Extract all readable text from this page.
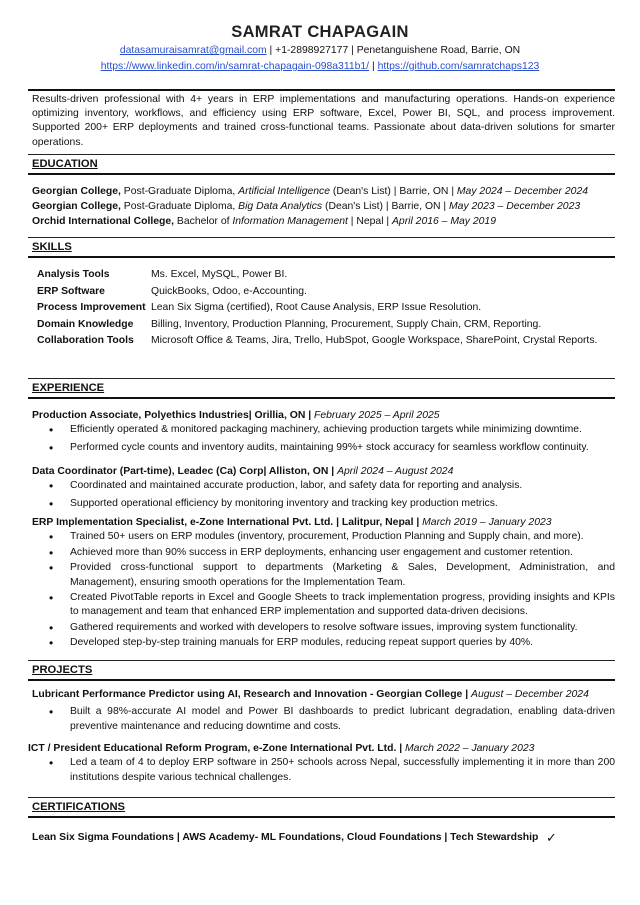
SAMRAT CHAPAGAIN
datasamuraisamrat@gmail.com | +1-2898927177 | Penetanguishene Road, Barrie, ON
https://www.linkedin.com/in/samrat-chapagain-098a311b1/ | https://github.com/samratchaps123
Results-driven professional with 4+ years in ERP implementations and manufacturing operations. Hands-on experience optimizing inventory, workflows, and efficiency using ERP software, Excel, Power BI, SQL, and process improvement. Supported 200+ ERP deployments and trained cross-functional teams. Passionate about data-driven solutions for smarter operations.
EDUCATION
Georgian College, Post-Graduate Diploma, Artificial Intelligence (Dean's List) | Barrie, ON | May 2024 – December 2024
Georgian College, Post-Graduate Diploma, Big Data Analytics (Dean's List) | Barrie, ON | May 2023 – December 2023
Orchid International College, Bachelor of Information Management | Nepal | April 2016 – May 2019
SKILLS
Analysis Tools	Ms. Excel, MySQL, Power BI.
ERP Software	QuickBooks, Odoo, e-Accounting.
Process Improvement	Lean Six Sigma (certified), Root Cause Analysis, ERP Issue Resolution.
Domain Knowledge	Billing, Inventory, Production Planning, Procurement, Supply Chain, CRM, Reporting.
Collaboration Tools	Microsoft Office & Teams, Jira, Trello, HubSpot, Google Workspace, SharePoint, Crystal Reports.
EXPERIENCE
Production Associate, Polyethics Industries| Orillia, ON | February 2025 – April 2025
• Efficiently operated & monitored packaging machinery, achieving production targets while minimizing downtime.
• Performed cycle counts and inventory audits, maintaining 99%+ stock accuracy for seamless workflow continuity.
Data Coordinator (Part-time), Leadec (Ca) Corp| Alliston, ON | April 2024 – August 2024
• Coordinated and maintained accurate production, labor, and safety data for reporting and analysis.
• Supported operational efficiency by monitoring inventory and tracking key production metrics.
ERP Implementation Specialist, e-Zone International Pvt. Ltd. | Lalitpur, Nepal | March 2019 – January 2023
• Trained 50+ users on ERP modules (inventory, procurement, Production Planning and Supply chain, and more).
• Achieved more than 90% success in ERP deployments, enhancing user engagement and customer retention.
• Provided cross-functional support to departments (Marketing & Sales, Development, Administration, and Management), ensuring smooth operations for the Implementation Team.
• Created PivotTable reports in Excel and Google Sheets to track implementation progress, providing insights and KPIs to management and team that enhanced ERP implementation and supported data-driven decisions.
• Gathered requirements and worked with developers to resolve software issues, improving system functionality.
• Developed step-by-step training manuals for ERP modules, reducing repeat support queries by 40%.
PROJECTS
Lubricant Performance Predictor using AI, Research and Innovation - Georgian College | August – December 2024
• Built a 98%-accurate AI model and Power BI dashboards to predict lubricant degradation, enabling data-driven preventive maintenance and reducing downtime and costs.
ICT / President Educational Reform Program, e-Zone International Pvt. Ltd. | March 2022 – January 2023
• Led a team of 4 to deploy ERP software in 250+ schools across Nepal, successfully implementing it in more than 200 institutions despite various technical challenges.
CERTIFICATIONS
Lean Six Sigma Foundations | AWS Academy- ML Foundations, Cloud Foundations | Tech Stewardship ✓
